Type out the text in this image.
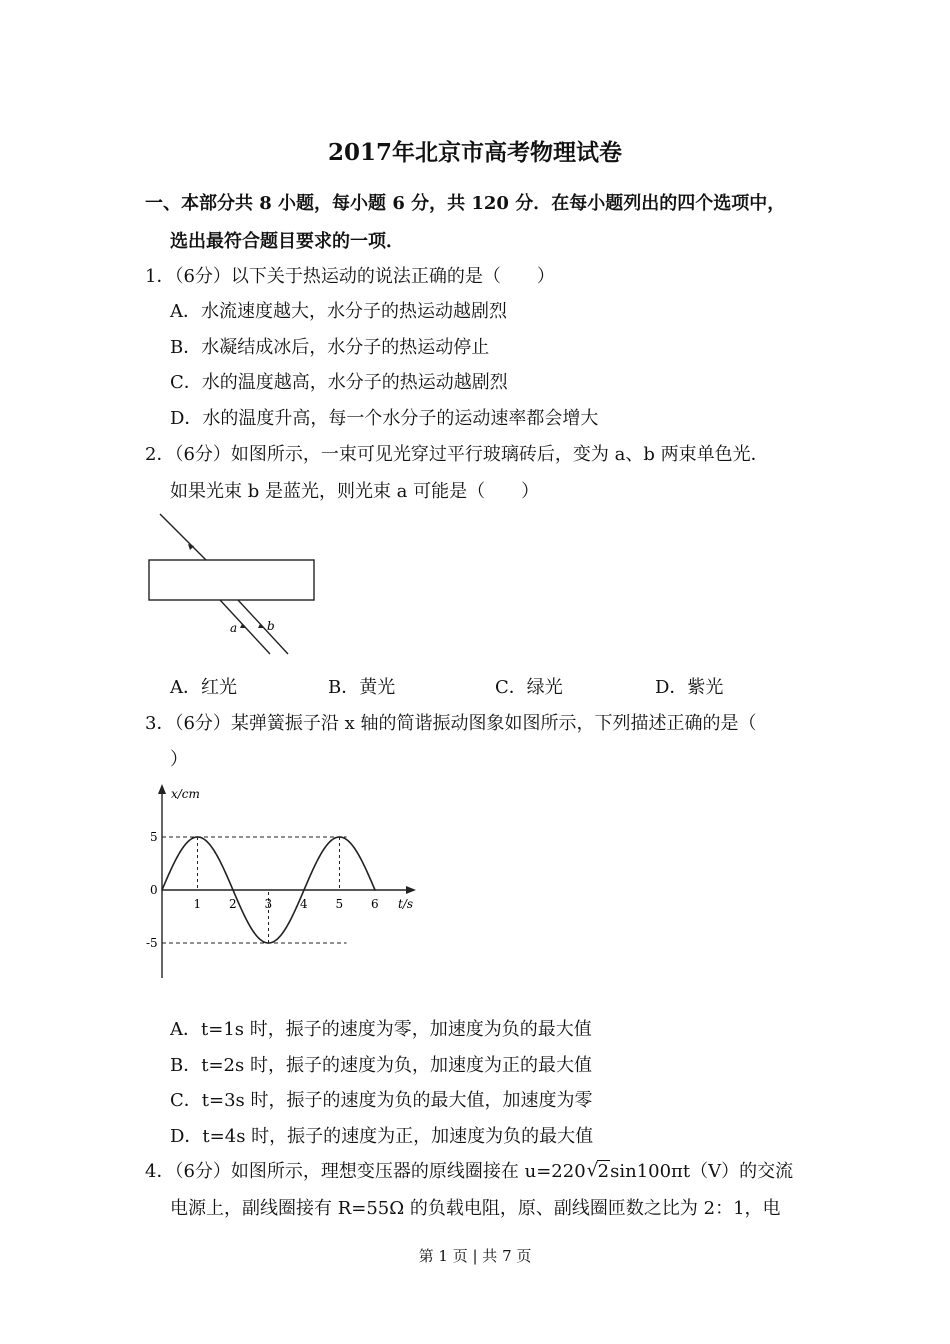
2017年北京市高考物理试卷
一、本部分共 8 小题，每小题 6 分，共 120 分．在每小题列出的四个选项中，
选出最符合题目要求的一项．
1．（6分）以下关于热运动的说法正确的是（　　）
A．水流速度越大，水分子的热运动越剧烈
B．水凝结成冰后，水分子的热运动停止
C．水的温度越高，水分子的热运动越剧烈
D．水的温度升高，每一个水分子的运动速率都会增大
2．（6分）如图所示，一束可见光穿过平行玻璃砖后，变为 a、b 两束单色光．
如果光束 b 是蓝光，则光束 a 可能是（　　）
a b
A．红光	B．黄光	C．绿光	D．紫光
3．（6分）某弹簧振子沿 x 轴的简谐振动图象如图所示，下列描述正确的是（
）
x/cm
t/s
1 2 3 4 5 6
5
0
-5
A．t=1s 时，振子的速度为零，加速度为负的最大值
B．t=2s 时，振子的速度为负，加速度为正的最大值
C．t=3s 时，振子的速度为负的最大值，加速度为零
D．t=4s 时，振子的速度为正，加速度为负的最大值
4．（6分）如图所示，理想变压器的原线圈接在 u=220 √ 2sin100πt（V）的交流
电源上，副线圈接有 R=55Ω 的负载电阻，原、副线圈匝数之比为 2：1，电
第 1 页 | 共 7 页
